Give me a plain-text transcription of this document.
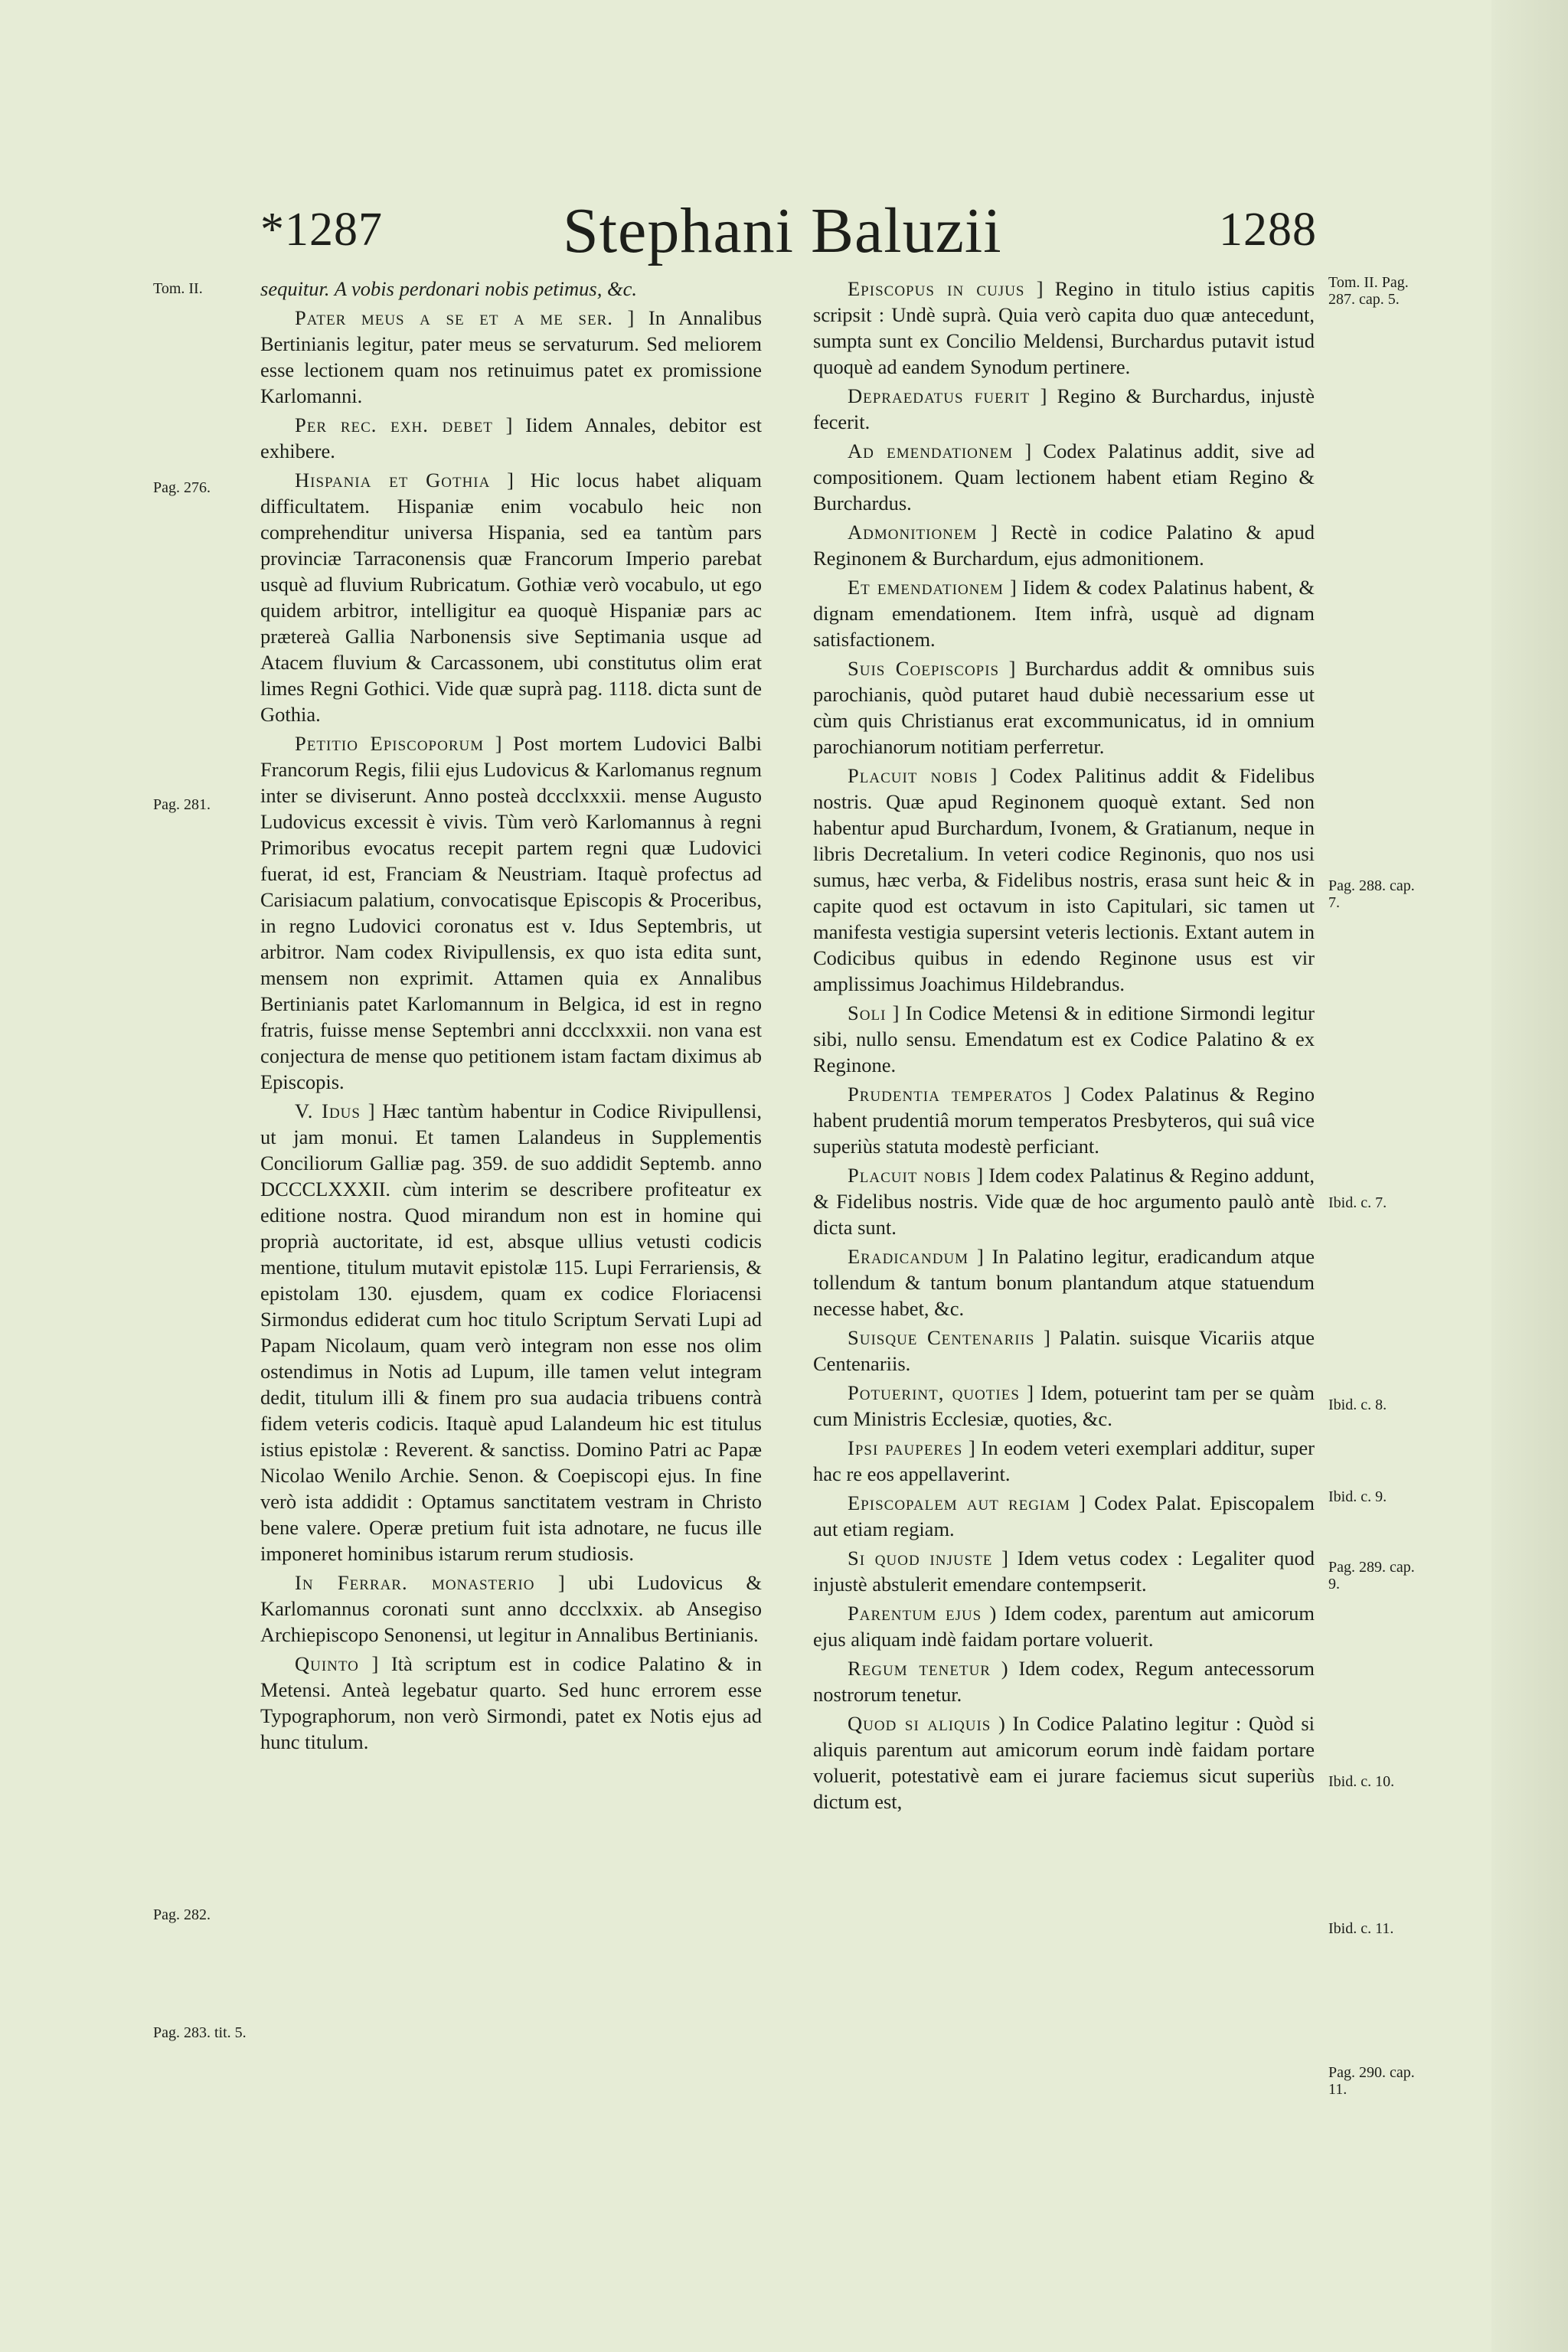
*1287	Stephani Baluzii	1288
Tom. II.
Pag. 276.
Pag. 281.
Pag. 282.
Pag. 283. tit. 5.
Tom. II. Pag. 287. cap. 5.
Pag. 288. cap. 7.
Ibid. c. 7.
Ibid. c. 8.
Ibid. c. 9.
Pag. 289. cap. 9.
Ibid. c. 10.
Ibid. c. 11.
Pag. 290. cap. 11.

sequitur. A vobis perdonari nobis petimus, &c.

Pater meus a se et a me ser. ] In Annalibus Bertinianis legitur, pater meus se servaturum. Sed meliorem esse lectionem quam nos retinuimus patet ex promissione Karlomanni.

Per rec. exh. debet ] Iidem Annales, debitor est exhibere.

Hispania et Gothia ] Hic locus habet aliquam difficultatem. Hispaniæ enim vocabulo heic non comprehenditur universa Hispania, sed ea tantùm pars provinciæ Tarraconensis quæ Francorum Imperio parebat usquè ad fluvium Rubricatum. Gothiæ verò vocabulo, ut ego quidem arbitror, intelligitur ea quoquè Hispaniæ pars ac prætereà Gallia Narbonensis sive Septimania usque ad Atacem fluvium & Carcassonem, ubi constitutus olim erat limes Regni Gothici. Vide quæ suprà pag. 1118. dicta sunt de Gothia.

Petitio Episcoporum ] Post mortem Ludovici Balbi Francorum Regis, filii ejus Ludovicus & Karlomanus regnum inter se diviserunt. Anno posteà dccclxxxii. mense Augusto Ludovicus excessit è vivis. Tùm verò Karlomannus à regni Primoribus evocatus recepit partem regni quæ Ludovici fuerat, id est, Franciam & Neustriam. Itaquè profectus ad Carisiacum palatium, convocatisque Episcopis & Proceribus, in regno Ludovici coronatus est v. Idus Septembris, ut arbitror. Nam codex Rivipullensis, ex quo ista edita sunt, mensem non exprimit. Attamen quia ex Annalibus Bertinianis patet Karlomannum in Belgica, id est in regno fratris, fuisse mense Septembri anni dccclxxxii. non vana est conjectura de mense quo petitionem istam factam diximus ab Episcopis.

V. Idus ] Hæc tantùm habentur in Codice Rivipullensi, ut jam monui. Et tamen Lalandeus in Supplementis Conciliorum Galliæ pag. 359. de suo addidit Septemb. anno DCCCLXXXII. cùm interim se describere profiteatur ex editione nostra. Quod mirandum non est in homine qui proprià auctoritate, id est, absque ullius vetusti codicis mentione, titulum mutavit epistolæ 115. Lupi Ferrariensis, & epistolam 130. ejusdem, quam ex codice Floriacensi Sirmondus ediderat cum hoc titulo Scriptum Servati Lupi ad Papam Nicolaum, quam verò integram non esse nos olim ostendimus in Notis ad Lupum, ille tamen velut integram dedit, titulum illi & finem pro sua audacia tribuens contrà fidem veteris codicis. Itaquè apud Lalandeum hic est titulus istius epistolæ : Reverent. & sanctiss. Domino Patri ac Papæ Nicolao Wenilo Archie. Senon. & Coepiscopi ejus. In fine verò ista addidit : Optamus sanctitatem vestram in Christo bene valere. Operæ pretium fuit ista adnotare, ne fucus ille imponeret hominibus istarum rerum studiosis.

In Ferrar. monasterio ] ubi Ludovicus & Karlomannus coronati sunt anno dccclxxix. ab Ansegiso Archiepiscopo Senonensi, ut legitur in Annalibus Bertinianis.

Quinto ] Ità scriptum est in codice Palatino & in Metensi. Anteà legebatur quarto. Sed hunc errorem esse Typographorum, non verò Sirmondi, patet ex Notis ejus ad hunc titulum.

Episcopus in cujus ] Regino in titulo istius capitis scripsit : Undè suprà. Quia verò capita duo quæ antecedunt, sumpta sunt ex Concilio Meldensi, Burchardus putavit istud quoquè ad eandem Synodum pertinere.

Depraedatus fuerit ] Regino & Burchardus, injustè fecerit.

Ad emendationem ] Codex Palatinus addit, sive ad compositionem. Quam lectionem habent etiam Regino & Burchardus.

Admonitionem ] Rectè in codice Palatino & apud Reginonem & Burchardum, ejus admonitionem.

Et emendationem ] Iidem & codex Palatinus habent, & dignam emendationem. Item infrà, usquè ad dignam satisfactionem.

Suis Coepiscopis ] Burchardus addit & omnibus suis parochianis, quòd putaret haud dubiè necessarium esse ut cùm quis Christianus erat excommunicatus, id in omnium parochianorum notitiam perferretur.

Placuit nobis ] Codex Palitinus addit & Fidelibus nostris. Quæ apud Reginonem quoquè extant. Sed non habentur apud Burchardum, Ivonem, & Gratianum, neque in libris Decretalium. In veteri codice Reginonis, quo nos usi sumus, hæc verba, & Fidelibus nostris, erasa sunt heic & in capite quod est octavum in isto Capitulari, sic tamen ut manifesta vestigia supersint veteris lectionis. Extant autem in Codicibus quibus in edendo Reginone usus est vir amplissimus Joachimus Hildebrandus.

Soli ] In Codice Metensi & in editione Sirmondi legitur sibi, nullo sensu. Emendatum est ex Codice Palatino & ex Reginone.

Prudentia temperatos ] Codex Palatinus & Regino habent prudentiâ morum temperatos Presbyteros, qui suâ vice superiùs statuta modestè perficiant.

Placuit nobis ] Idem codex Palatinus & Regino addunt, & Fidelibus nostris. Vide quæ de hoc argumento paulò antè dicta sunt.

Eradicandum ] In Palatino legitur, eradicandum atque tollendum & tantum bonum plantandum atque statuendum necesse habet, &c.

Suisque Centenariis ] Palatin. suisque Vicariis atque Centenariis.

Potuerint, quoties ] Idem, potuerint tam per se quàm cum Ministris Ecclesiæ, quoties, &c.

Ipsi pauperes ] In eodem veteri exemplari additur, super hac re eos appellaverint.

Episcopalem aut regiam ] Codex Palat. Episcopalem aut etiam regiam.

Si quod injuste ] Idem vetus codex : Legaliter quod injustè abstulerit emendare contempserit.

Parentum ejus ) Idem codex, parentum aut amicorum ejus aliquam indè faidam portare voluerit.

Regum tenetur ) Idem codex, Regum antecessorum nostrorum tenetur.

Quod si aliquis ) In Codice Palatino legitur : Quòd si aliquis parentum aut amicorum eorum indè faidam portare voluerit, potestativè eam ei jurare faciemus sicut superiùs dictum est,
